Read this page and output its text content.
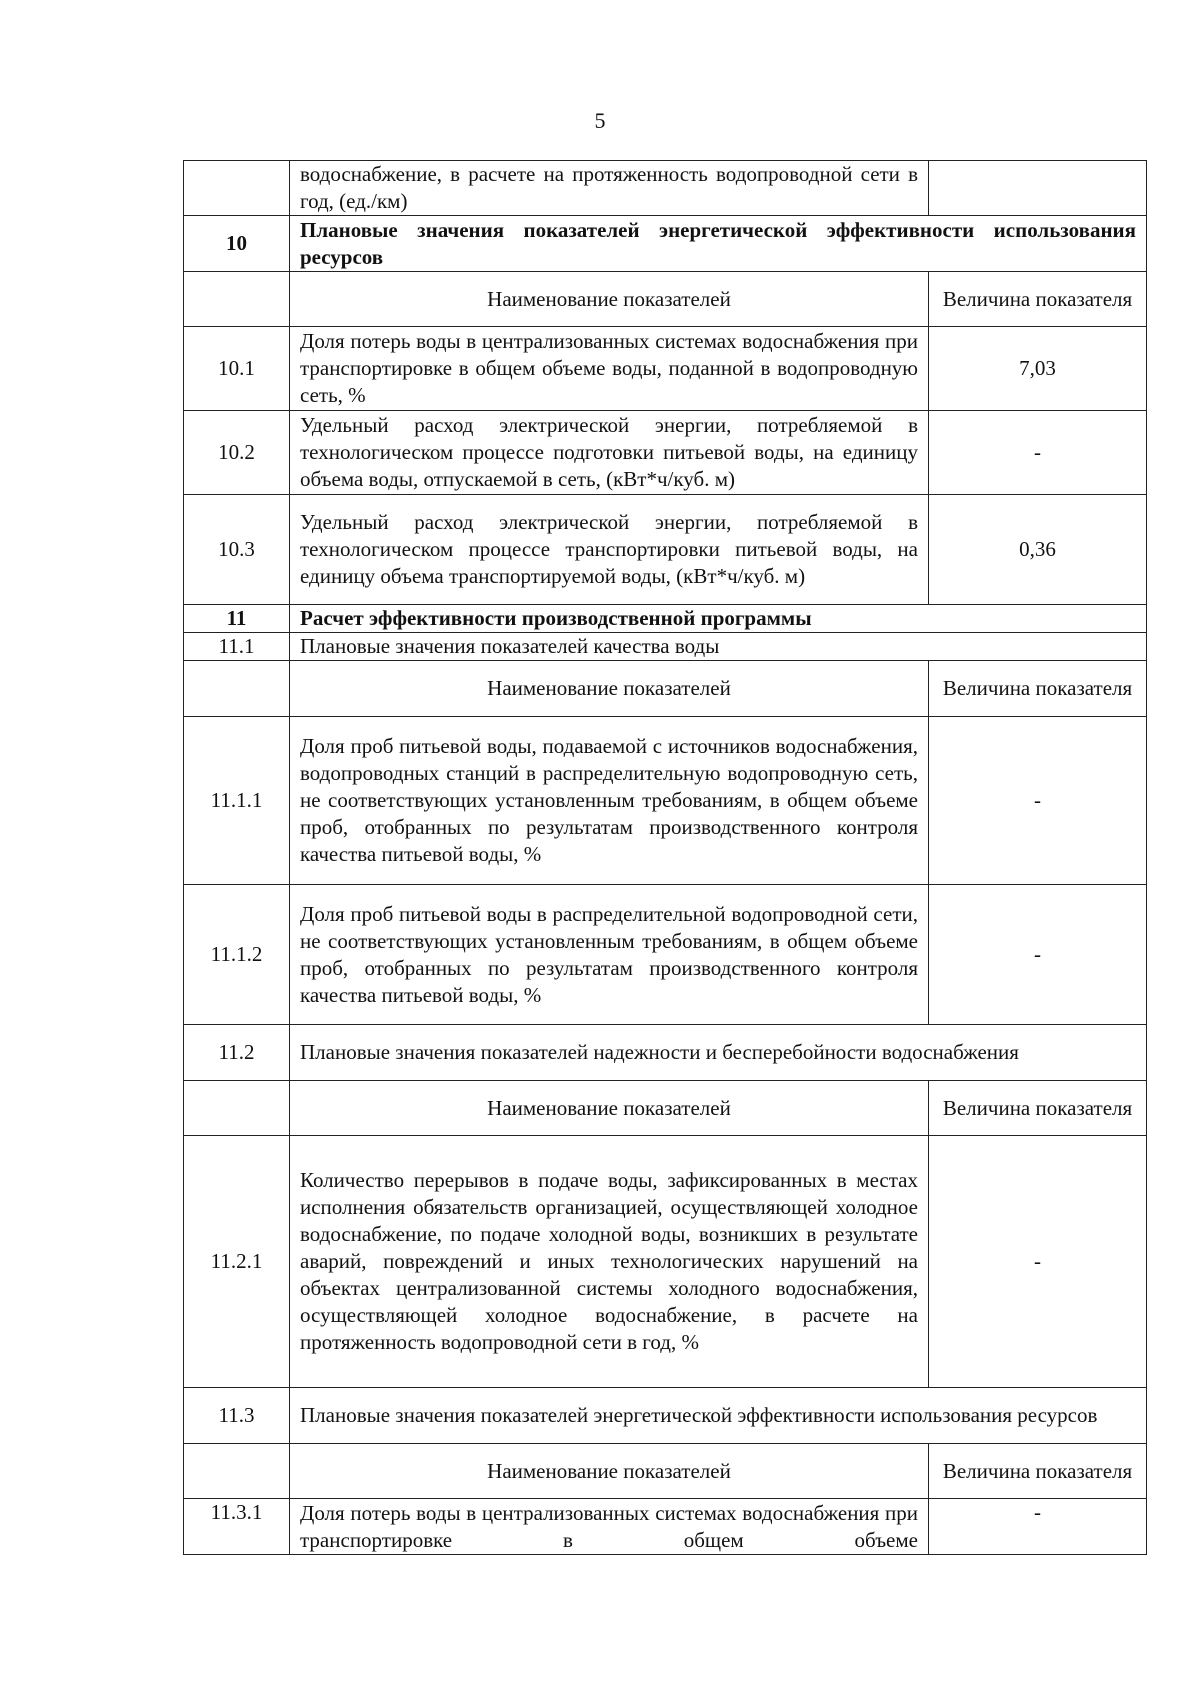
5
	водоснабжение, в расчете на протяженность водопроводной сети в год, (ед./км)	
10	Плановые значения показателей энергетической эффективности использования ресурсов	
	Наименование показателей	Величина показателя
10.1	Доля потерь воды в централизованных системах водоснабжения при транспортировке в общем объеме воды, поданной в водопроводную сеть, %	7,03
10.2	Удельный расход электрической энергии, потребляемой в технологическом процессе подготовки питьевой воды, на единицу объема воды, отпускаемой в сеть, (кВт*ч/куб. м)	-
10.3	Удельный расход электрической энергии, потребляемой в технологическом процессе транспортировки питьевой воды, на единицу объема транспортируемой воды, (кВт*ч/куб. м)	0,36
11	Расчет эффективности производственной программы	
11.1	Плановые значения показателей качества воды	
	Наименование показателей	Величина показателя
11.1.1	Доля проб питьевой воды, подаваемой с источников водоснабжения, водопроводных станций в распределительную водопроводную сеть, не соответствующих установленным требованиям, в общем объеме проб, отобранных по результатам производственного контроля качества питьевой воды, %	-
11.1.2	Доля проб питьевой воды в распределительной водопроводной сети, не соответствующих установленным требованиям, в общем объеме проб, отобранных по результатам производственного контроля качества питьевой воды, %	-
11.2	Плановые значения показателей надежности и бесперебойности водоснабжения	
	Наименование показателей	Величина показателя
11.2.1	Количество перерывов в подаче воды, зафиксированных в местах исполнения обязательств организацией, осуществляющей холодное водоснабжение, по подаче холодной воды, возникших в результате аварий, повреждений и иных технологических нарушений на объектах централизованной системы холодного водоснабжения, осуществляющей холодное водоснабжение, в расчете на протяженность водопроводной сети в год, %	-
11.3	Плановые значения показателей энергетической эффективности использования ресурсов	
	Наименование показателей	Величина показателя
11.3.1	Доля потерь воды в централизованных системах водоснабжения при транспортировке в общем объеме	-
